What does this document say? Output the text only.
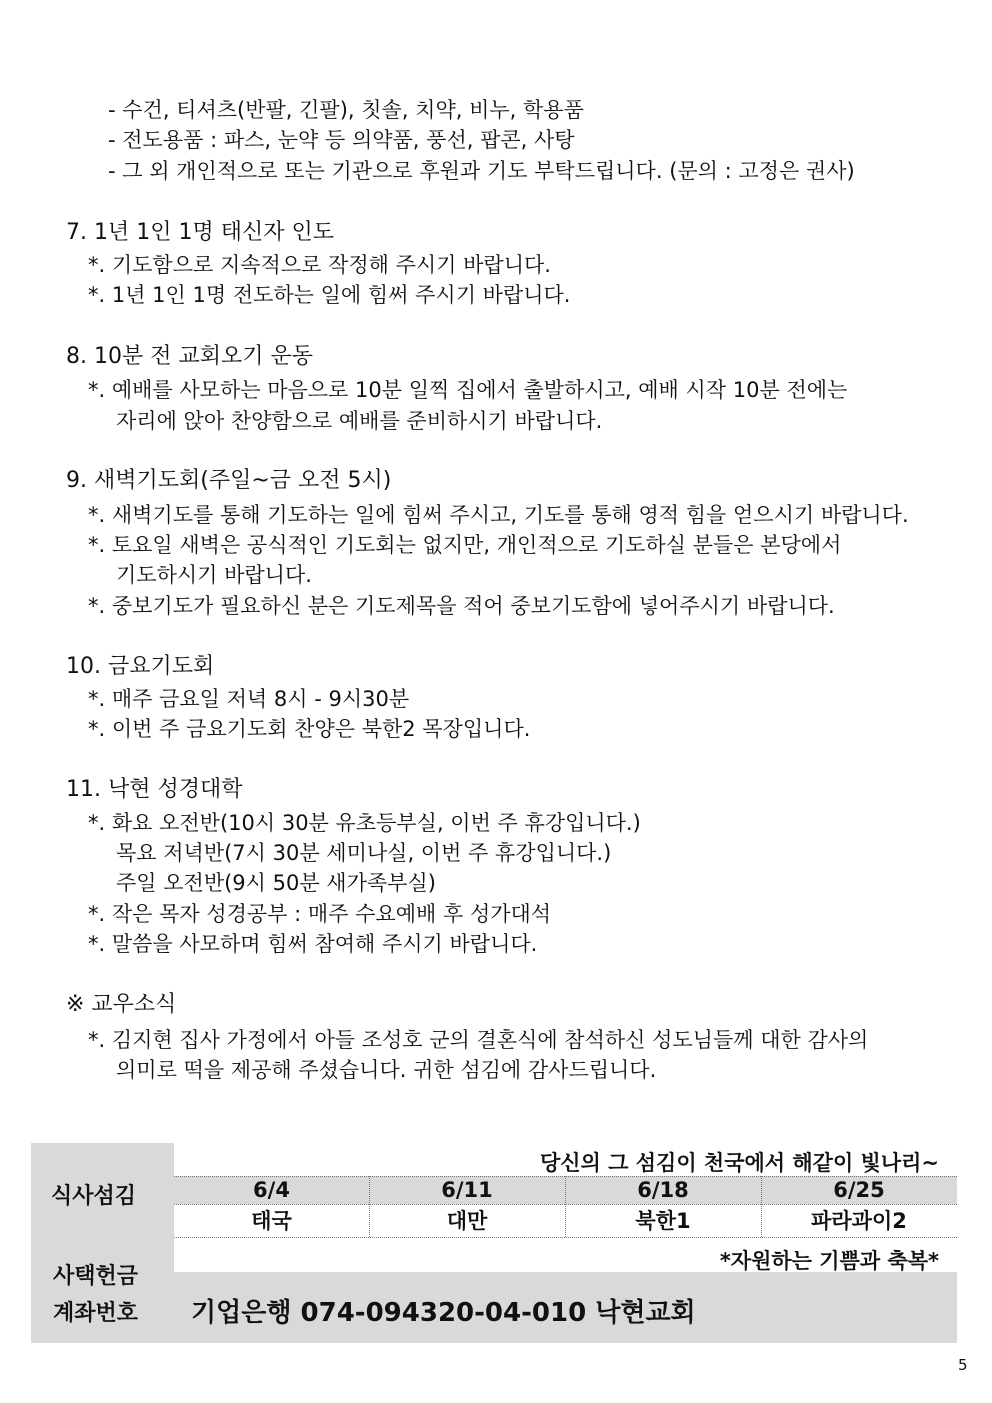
- 수건, 티셔츠(반팔, 긴팔), 칫솔, 치약, 비누, 학용품
- 전도용품 : 파스, 눈약 등 의약품, 풍선, 팝콘, 사탕
- 그 외 개인적으로 또는 기관으로 후원과 기도 부탁드립니다. (문의 : 고정은 권사)
7. 1년 1인 1명 태신자 인도
*. 기도함으로 지속적으로 작정해 주시기 바랍니다.
*. 1년 1인 1명 전도하는 일에 힘써 주시기 바랍니다.
8. 10분 전 교회오기 운동
*. 예배를 사모하는 마음으로 10분 일찍 집에서 출발하시고, 예배 시작 10분 전에는
자리에 앉아 찬양함으로 예배를 준비하시기 바랍니다.
9. 새벽기도회(주일~금 오전 5시)
*. 새벽기도를 통해 기도하는 일에 힘써 주시고, 기도를 통해 영적 힘을 얻으시기 바랍니다.
*. 토요일 새벽은 공식적인 기도회는 없지만, 개인적으로 기도하실 분들은 본당에서
기도하시기 바랍니다.
*. 중보기도가 필요하신 분은 기도제목을 적어 중보기도함에 넣어주시기 바랍니다.
10. 금요기도회
*. 매주 금요일 저녁 8시 - 9시30분
*. 이번 주 금요기도회 찬양은 북한2 목장입니다.
11. 낙현 성경대학
*. 화요 오전반(10시 30분 유초등부실, 이번 주 휴강입니다.)
목요 저녁반(7시 30분 세미나실, 이번 주 휴강입니다.)
주일 오전반(9시 50분 새가족부실)
*. 작은 목자 성경공부 : 매주 수요예배 후 성가대석
*. 말씀을 사모하며 힘써 참여해 주시기 바랍니다.
※ 교우소식
*. 김지현 집사 가정에서 아들 조성호 군의 결혼식에 참석하신 성도님들께 대한 감사의
의미로 떡을 제공해 주셨습니다. 귀한 섬김에 감사드립니다.
식사섬김
사택헌금
계좌번호
당신의 그 섬김이 천국에서 해같이 빛나리~
6/4	6/11	6/18	6/25
태국	대만	북한1	파라과이2
*자원하는 기쁨과 축복*
기업은행 074-094320-04-010 낙현교회
5
